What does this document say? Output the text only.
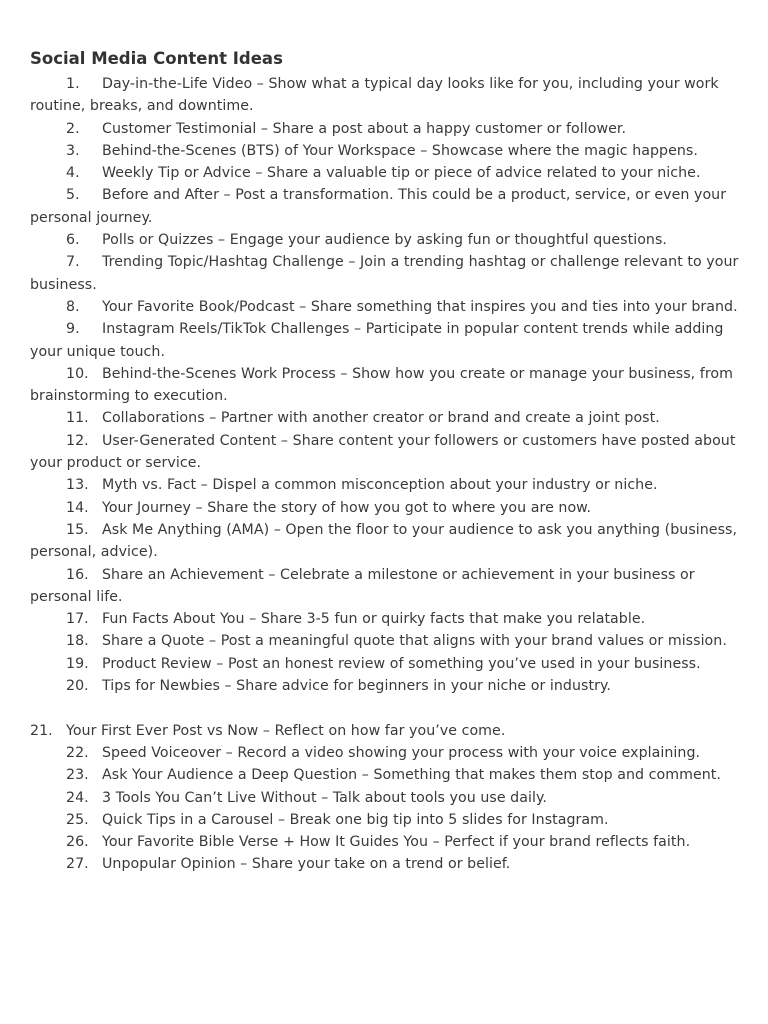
Social Media Content Ideas

1. Day-in-the-Life Video – Show what a typical day looks like for you, including your work routine, breaks, and downtime.

2. Customer Testimonial – Share a post about a happy customer or follower.

3. Behind-the-Scenes (BTS) of Your Workspace – Showcase where the magic happens.

4. Weekly Tip or Advice – Share a valuable tip or piece of advice related to your niche.

5. Before and After – Post a transformation. This could be a product, service, or even your personal journey.

6. Polls or Quizzes – Engage your audience by asking fun or thoughtful questions.

7. Trending Topic/Hashtag Challenge – Join a trending hashtag or challenge relevant to your business.

8. Your Favorite Book/Podcast – Share something that inspires you and ties into your brand.

9. Instagram Reels/TikTok Challenges – Participate in popular content trends while adding your unique touch.

10. Behind-the-Scenes Work Process – Show how you create or manage your business, from brainstorming to execution.

11. Collaborations – Partner with another creator or brand and create a joint post.

12. User-Generated Content – Share content your followers or customers have posted about your product or service.

13. Myth vs. Fact – Dispel a common misconception about your industry or niche.

14. Your Journey – Share the story of how you got to where you are now.

15. Ask Me Anything (AMA) – Open the floor to your audience to ask you anything (business, personal, advice).

16. Share an Achievement – Celebrate a milestone or achievement in your business or personal life.

17. Fun Facts About You – Share 3-5 fun or quirky facts that make you relatable.

18. Share a Quote – Post a meaningful quote that aligns with your brand values or mission.

19. Product Review – Post an honest review of something you’ve used in your business.

20. Tips for Newbies – Share advice for beginners in your niche or industry.

21. Your First Ever Post vs Now – Reflect on how far you’ve come.

22. Speed Voiceover – Record a video showing your process with your voice explaining.

23. Ask Your Audience a Deep Question – Something that makes them stop and comment.

24. 3 Tools You Can’t Live Without – Talk about tools you use daily.

25. Quick Tips in a Carousel – Break one big tip into 5 slides for Instagram.

26. Your Favorite Bible Verse + How It Guides You – Perfect if your brand reflects faith.

27. Unpopular Opinion – Share your take on a trend or belief.
